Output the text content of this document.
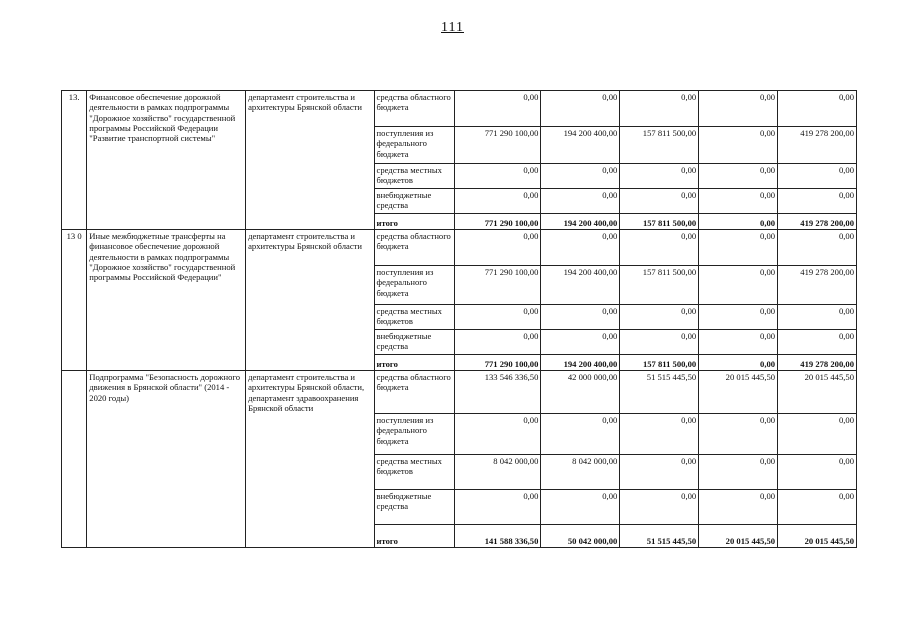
111
13.	Финансовое обеспечение дорожной деятельности в рамках подпрограммы "Дорожное хозяйство" государственной программы Российской Федерации "Развитие транспортной системы"	департамент строительства и архитектуры Брянской области	средства областного бюджета	0,00	0,00	0,00	0,00	0,00
			поступления из федерального бюджета	771 290 100,00	194 200 400,00	157 811 500,00	0,00	419 278 200,00
			средства местных бюджетов	0,00	0,00	0,00	0,00	0,00
			внебюджетные средства	0,00	0,00	0,00	0,00	0,00
			итого	771 290 100,00	194 200 400,00	157 811 500,00	0,00	419 278 200,00
13 0	Иные межбюджетные трансферты на финансовое обеспечение дорожной деятельности в рамках подпрограммы "Дорожное хозяйство" государственной программы Российской Федерации"	департамент строительства и архитектуры Брянской области	средства областного бюджета	0,00	0,00	0,00	0,00	0,00
			поступления из федерального бюджета	771 290 100,00	194 200 400,00	157 811 500,00	0,00	419 278 200,00
			средства местных бюджетов	0,00	0,00	0,00	0,00	0,00
			внебюджетные средства	0,00	0,00	0,00	0,00	0,00
			итого	771 290 100,00	194 200 400,00	157 811 500,00	0,00	419 278 200,00
	Подпрограмма "Безопасность дорожного движения в Брянской области" (2014 - 2020 годы)	департамент строительства и архитектуры Брянской области, департамент здравоохранения Брянской области	средства областного бюджета	133 546 336,50	42 000 000,00	51 515 445,50	20 015 445,50	20 015 445,50
			поступления из федерального бюджета	0,00	0,00	0,00	0,00	0,00
			средства местных бюджетов	8 042 000,00	8 042 000,00	0,00	0,00	0,00
			внебюджетные средства	0,00	0,00	0,00	0,00	0,00
			итого	141 588 336,50	50 042 000,00	51 515 445,50	20 015 445,50	20 015 445,50
